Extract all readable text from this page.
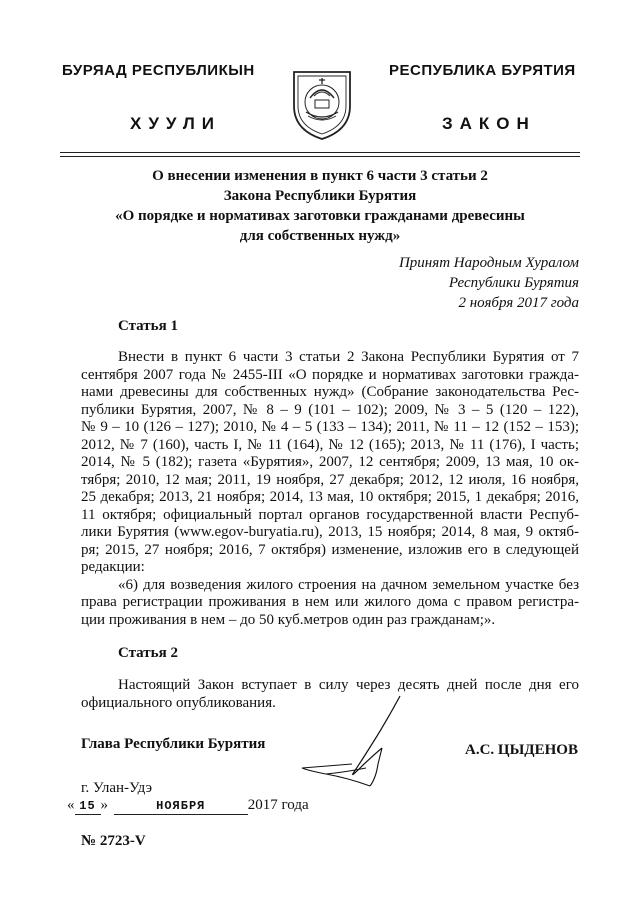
БУРЯАД РЕСПУБЛИКЫН	РЕСПУБЛИКА БУРЯТИЯ
ХУУЛИ	ЗАКОН
О внесении изменения в пункт 6 части 3 статьи 2
Закона Республики Бурятия
«О порядке и нормативах заготовки гражданами древесины
для собственных нужд»
Принят Народным Хуралом
Республики Бурятия
2 ноября 2017 года
Статья 1
Внести в пункт 6 части 3 статьи 2 Закона Республики Бурятия от 7
сентября 2007 года № 2455-III «О порядке и нормативах заготовки гражда-
нами древесины для собственных нужд» (Собрание законодательства Рес-
публики Бурятия, 2007, № 8 – 9 (101 – 102); 2009, № 3 – 5 (120 – 122),
№ 9 – 10 (126 – 127); 2010, № 4 – 5 (133 – 134); 2011, № 11 – 12 (152 – 153);
2012, № 7 (160), часть I, № 11 (164), № 12 (165); 2013, № 11 (176), I часть;
2014, № 5 (182); газета «Бурятия», 2007, 12 сентября; 2009, 13 мая, 10 ок-
тября; 2010, 12 мая; 2011, 19 ноября, 27 декабря; 2012, 12 июля, 16 ноября,
25 декабря; 2013, 21 ноября; 2014, 13 мая, 10 октября; 2015, 1 декабря; 2016,
11 октября; официальный портал органов государственной власти Респуб-
лики Бурятия (www.egov-buryatia.ru), 2013, 15 ноября; 2014, 8 мая, 9 октяб-
ря; 2015, 27 ноября; 2016, 7 октября) изменение, изложив его в следующей
редакции:
«6) для возведения жилого строения на дачном земельном участке без
права регистрации проживания в нем или жилого дома с правом регистра-
ции проживания в нем – до 50 куб.метров один раз гражданам;».
Статья 2
Настоящий Закон вступает в силу через десять дней после дня его
официального опубликования.
Глава Республики Бурятия	А.С. ЦЫДЕНОВ
г. Улан-Удэ
« 15 »	НОЯБРЯ	2017 года
№ 2723-V
